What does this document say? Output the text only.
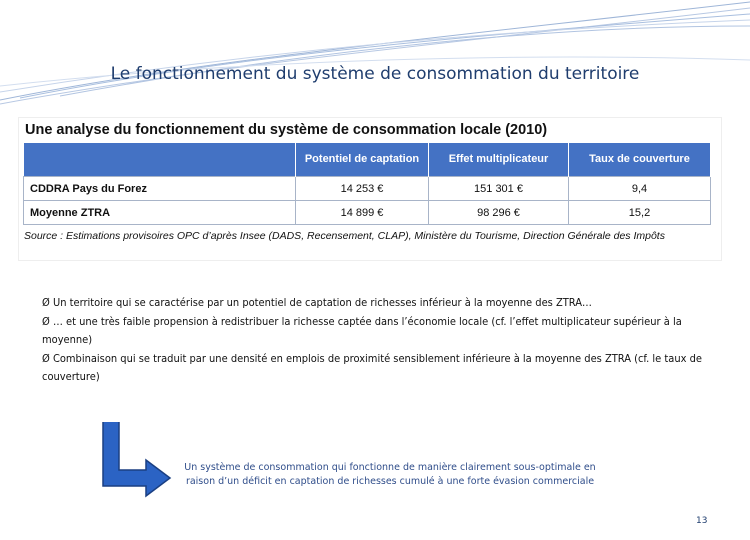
Le fonctionnement du système de consommation du territoire
Une analyse du fonctionnement du système de consommation locale (2010)
	Potentiel de captation	Effet multiplicateur	Taux de couverture
CDDRA Pays du Forez	14 253 €	151 301 €	9,4
Moyenne ZTRA	14 899 €	98 296 €	15,2
Source : Estimations provisoires OPC d’après Insee (DADS, Recensement, CLAP), Ministère du Tourisme, Direction Générale des Impôts

Ø Un territoire qui se caractérise par un potentiel de captation de richesses inférieur à la moyenne des ZTRA…

Ø … et une très faible propension à redistribuer la richesse captée dans l’économie locale (cf. l’effet multiplicateur supérieur à la moyenne)

Ø Combinaison qui se traduit par une densité en emplois de proximité sensiblement inférieure à la moyenne des ZTRA (cf. le taux de couverture)

Un système de consommation qui fonctionne de manière clairement sous-optimale en
raison d’un déficit en captation de richesses cumulé à une forte évasion commerciale
13
